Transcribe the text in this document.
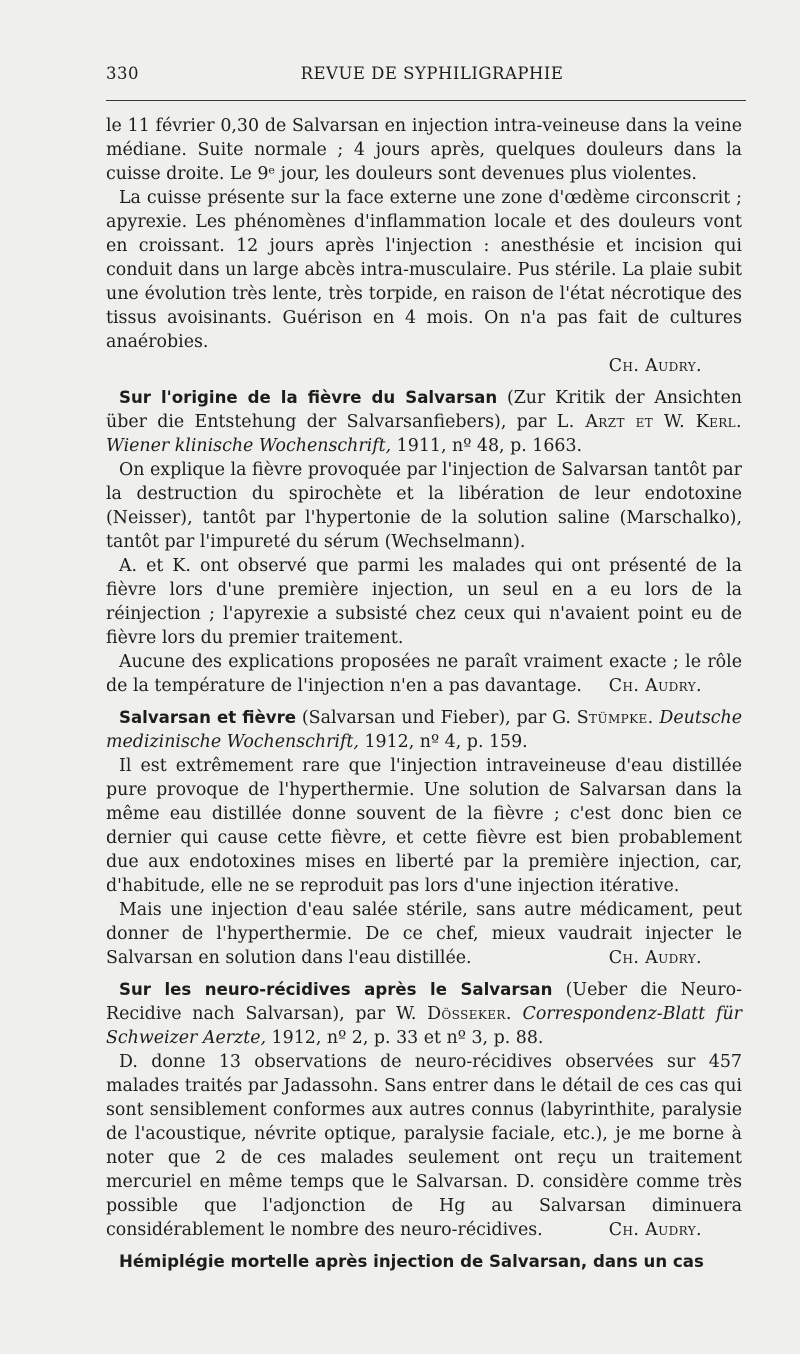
330	REVUE DE SYPHILIGRAPHIE

le 11 février 0,30 de Salvarsan en injection intra-veineuse dans la veine médiane. Suite normale ; 4 jours après, quelques douleurs dans la cuisse droite. Le 9ᵉ jour, les douleurs sont devenues plus violentes.

La cuisse présente sur la face externe une zone d'œdème circonscrit ; apyrexie. Les phénomènes d'inflammation locale et des douleurs vont en croissant. 12 jours après l'injection : anesthésie et incision qui conduit dans un large abcès intra-musculaire. Pus stérile. La plaie subit une évolution très lente, très torpide, en raison de l'état nécrotique des tissus avoisinants. Guérison en 4 mois. On n'a pas fait de cultures anaérobies.

Ch. Audry.

Sur l'origine de la fièvre du Salvarsan (Zur Kritik der Ansichten über die Entstehung der Salvarsanfiebers), par L. Arzt et W. Kerl. Wiener klinische Wochenschrift, 1911, nº 48, p. 1663.

On explique la fièvre provoquée par l'injection de Salvarsan tantôt par la destruction du spirochète et la libération de leur endotoxine (Neisser), tantôt par l'hypertonie de la solution saline (Marschalko), tantôt par l'impureté du sérum (Wechselmann).

A. et K. ont observé que parmi les malades qui ont présenté de la fièvre lors d'une première injection, un seul en a eu lors de la réinjection ; l'apyrexie a subsisté chez ceux qui n'avaient point eu de fièvre lors du premier traitement.

Aucune des explications proposées ne paraît vraiment exacte ; le rôle de la température de l'injection n'en a pas davantage.	Ch. Audry.

Salvarsan et fièvre (Salvarsan und Fieber), par G. Stümpke. Deutsche medizinische Wochenschrift, 1912, nº 4, p. 159.

Il est extrêmement rare que l'injection intraveineuse d'eau distillée pure provoque de l'hyperthermie. Une solution de Salvarsan dans la même eau distillée donne souvent de la fièvre ; c'est donc bien ce dernier qui cause cette fièvre, et cette fièvre est bien probablement due aux endotoxines mises en liberté par la première injection, car, d'habitude, elle ne se reproduit pas lors d'une injection itérative.

Mais une injection d'eau salée stérile, sans autre médicament, peut donner de l'hyperthermie. De ce chef, mieux vaudrait injecter le Salvarsan en solution dans l'eau distillée.	Ch. Audry.

Sur les neuro-récidives après le Salvarsan (Ueber die Neuro-Recidive nach Salvarsan), par W. Dösseker. Correspondenz-Blatt für Schweizer Aerzte, 1912, nº 2, p. 33 et nº 3, p. 88.

D. donne 13 observations de neuro-récidives observées sur 457 malades traités par Jadassohn. Sans entrer dans le détail de ces cas qui sont sensiblement conformes aux autres connus (labyrinthite, paralysie de l'acoustique, névrite optique, paralysie faciale, etc.), je me borne à noter que 2 de ces malades seulement ont reçu un traitement mercuriel en même temps que le Salvarsan. D. considère comme très possible que l'adjonction de Hg au Salvarsan diminuera considérablement le nombre des neuro-récidives.	Ch. Audry.

Hémiplégie mortelle après injection de Salvarsan, dans un cas
